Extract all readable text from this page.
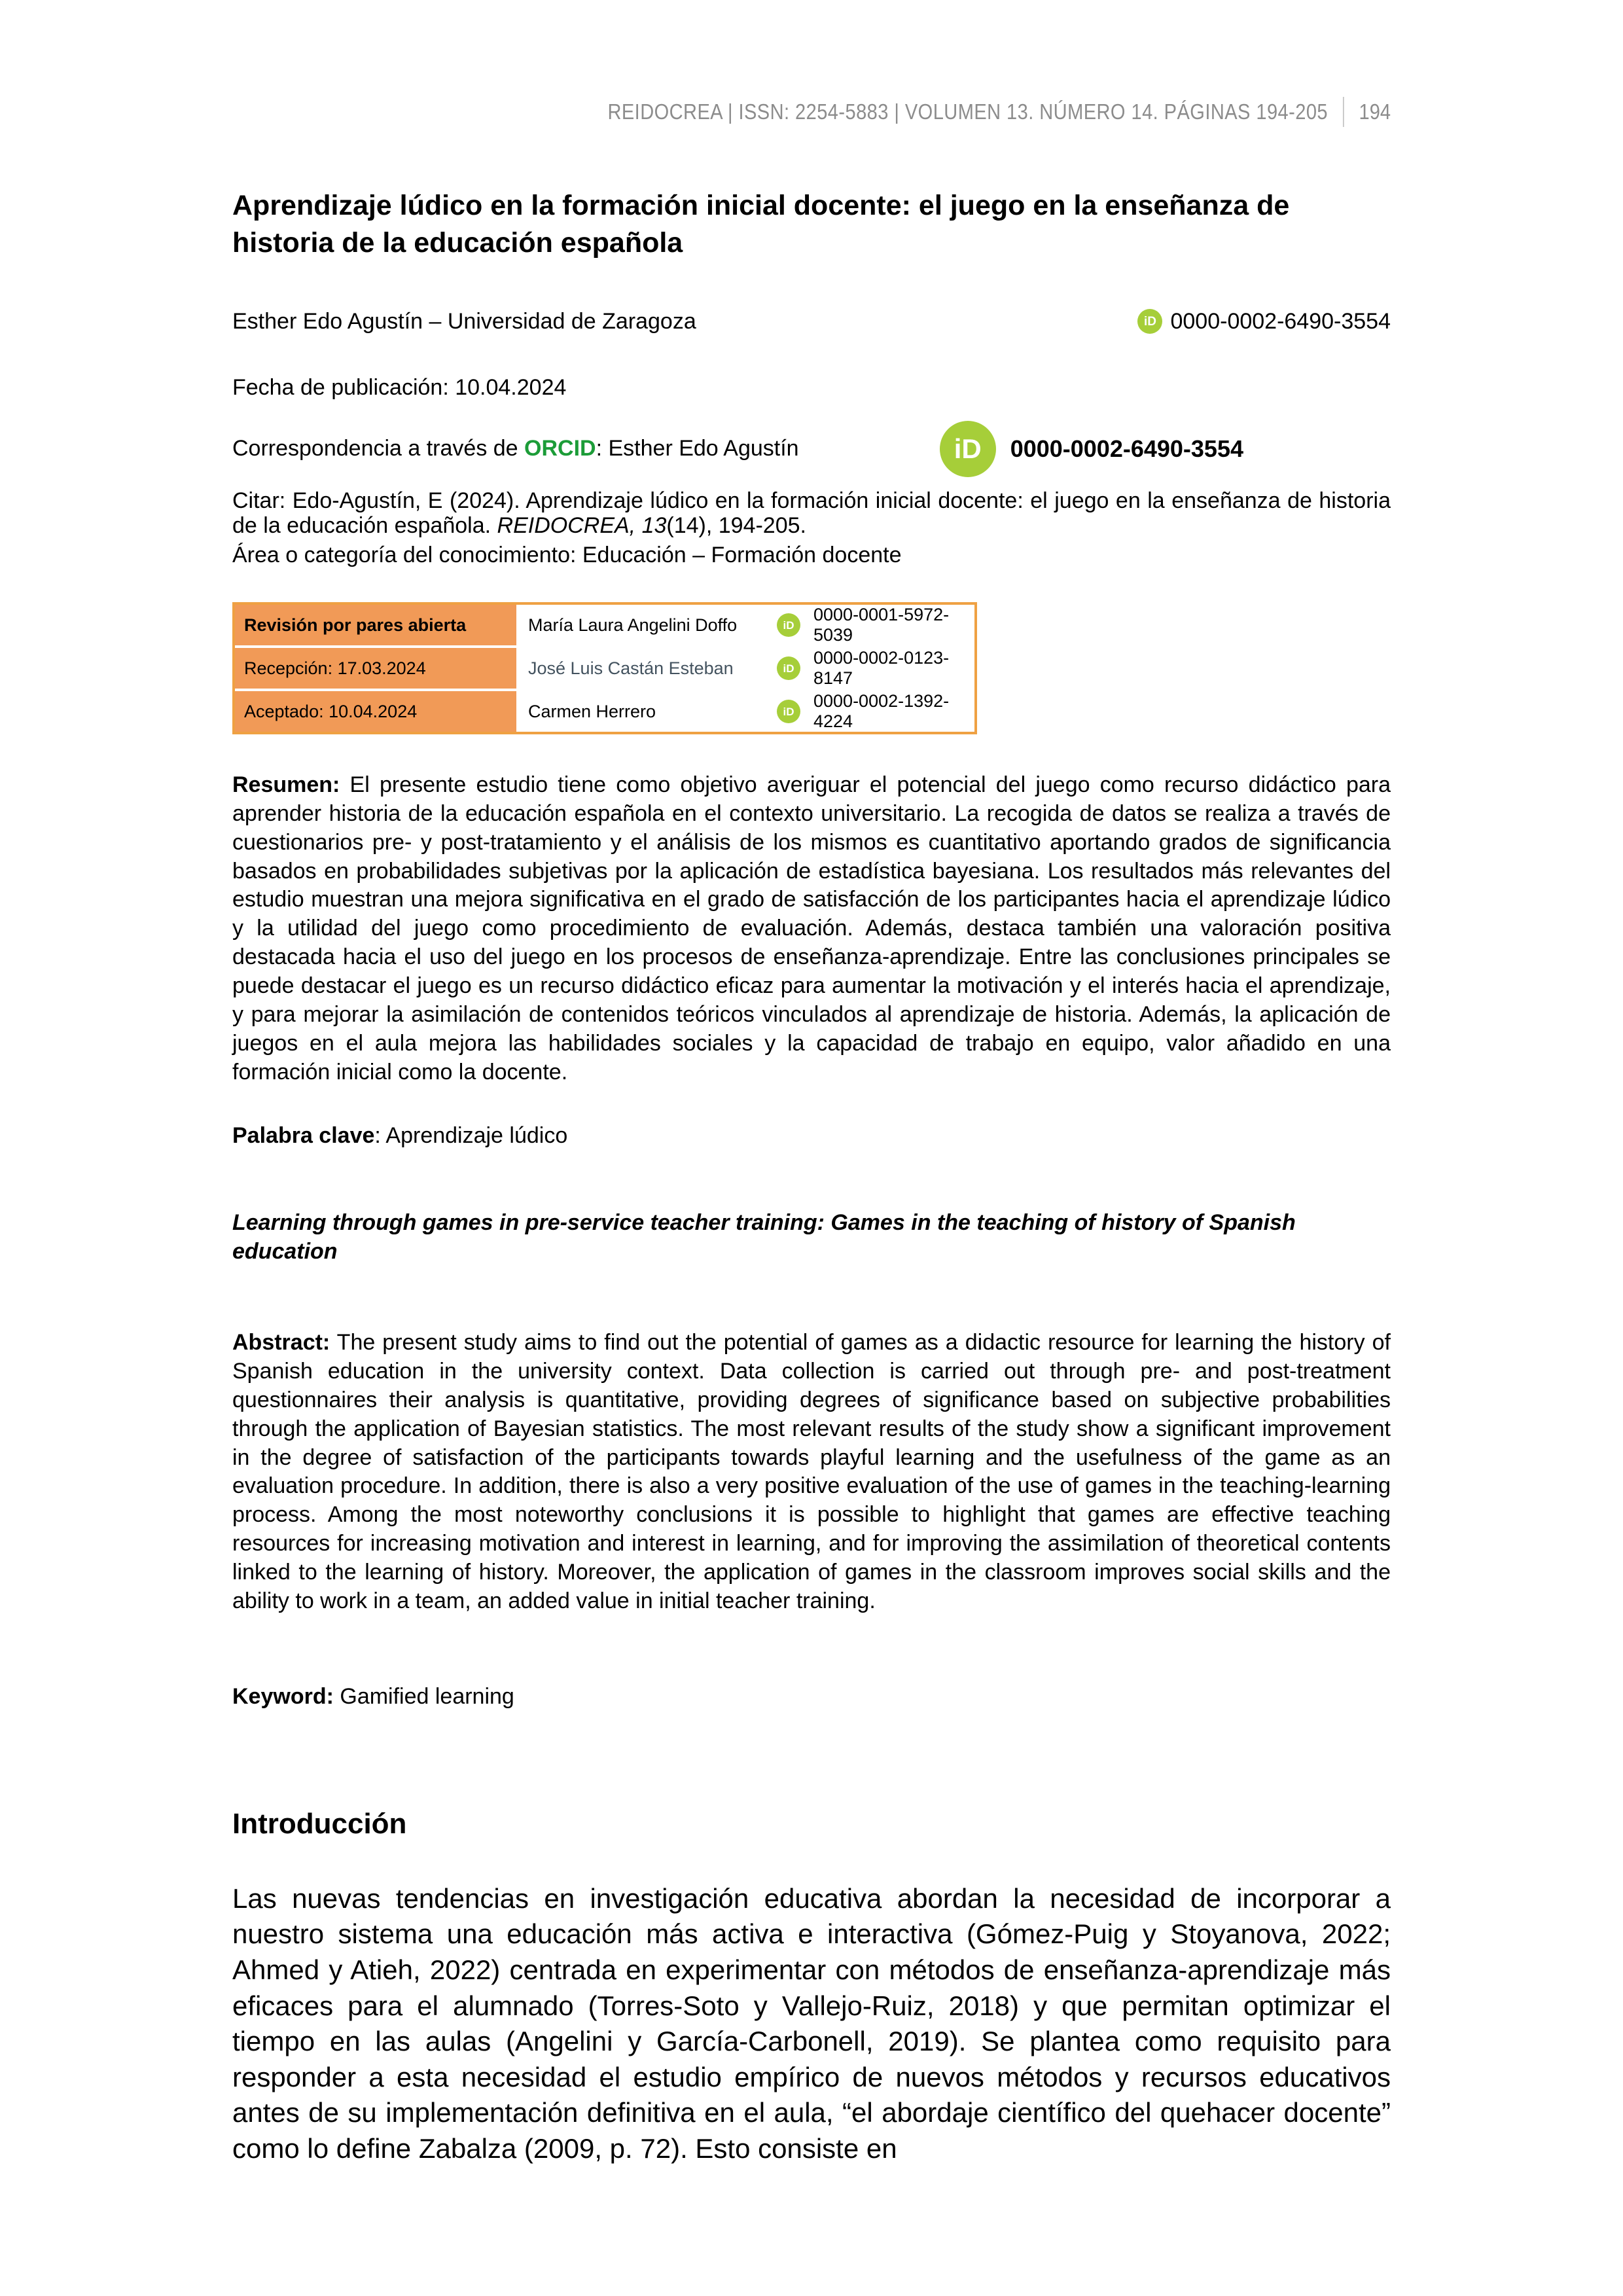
REIDOCREA | ISSN: 2254-5883 | VOLUMEN 13. NÚMERO 14. PÁGINAS 194-205 194
Aprendizaje lúdico en la formación inicial docente: el juego en la enseñanza de historia de la educación española
Esther Edo Agustín – Universidad de Zaragoza	iD 0000-0002-6490-3554
Fecha de publicación: 10.04.2024
Correspondencia a través de ORCID: Esther Edo Agustín	iD	0000-0002-6490-3554

Citar: Edo-Agustín, E (2024). Aprendizaje lúdico en la formación inicial docente: el juego en la enseñanza de historia de la educación española. REIDOCREA, 13(14), 194-205.

Área o categoría del conocimiento: Educación – Formación docente
Revisión por pares abierta	María Laura Angelini Doffo	iD
0000-0001-5972-5039
Recepción: 17.03.2024	José Luis Castán Esteban	iD
0000-0002-0123-8147
Aceptado: 10.04.2024	Carmen Herrero	iD
0000-0002-1392-4224

Resumen: El presente estudio tiene como objetivo averiguar el potencial del juego como recurso didáctico para aprender historia de la educación española en el contexto universitario. La recogida de datos se realiza a través de cuestionarios pre- y post-tratamiento y el análisis de los mismos es cuantitativo aportando grados de significancia basados en probabilidades subjetivas por la aplicación de estadística bayesiana. Los resultados más relevantes del estudio muestran una mejora significativa en el grado de satisfacción de los participantes hacia el aprendizaje lúdico y la utilidad del juego como procedimiento de evaluación. Además, destaca también una valoración positiva destacada hacia el uso del juego en los procesos de enseñanza-aprendizaje. Entre las conclusiones principales se puede destacar el juego es un recurso didáctico eficaz para aumentar la motivación y el interés hacia el aprendizaje, y para mejorar la asimilación de contenidos teóricos vinculados al aprendizaje de historia. Además, la aplicación de juegos en el aula mejora las habilidades sociales y la capacidad de trabajo en equipo, valor añadido en una formación inicial como la docente.

Palabra clave: Aprendizaje lúdico

Learning through games in pre-service teacher training: Games in the teaching of history of Spanish education

Abstract: The present study aims to find out the potential of games as a didactic resource for learning the history of Spanish education in the university context. Data collection is carried out through pre- and post-treatment questionnaires their analysis is quantitative, providing degrees of significance based on subjective probabilities through the application of Bayesian statistics. The most relevant results of the study show a significant improvement in the degree of satisfaction of the participants towards playful learning and the usefulness of the game as an evaluation procedure. In addition, there is also a very positive evaluation of the use of games in the teaching-learning process. Among the most noteworthy conclusions it is possible to highlight that games are effective teaching resources for increasing motivation and interest in learning, and for improving the assimilation of theoretical contents linked to the learning of history. Moreover, the application of games in the classroom improves social skills and the ability to work in a team, an added value in initial teacher training.

Keyword: Gamified learning

Introducción

Las nuevas tendencias en investigación educativa abordan la necesidad de incorporar a nuestro sistema una educación más activa e interactiva (Gómez-Puig y Stoyanova, 2022; Ahmed y Atieh, 2022) centrada en experimentar con métodos de enseñanza-aprendizaje más eficaces para el alumnado (Torres-Soto y Vallejo-Ruiz, 2018) y que permitan optimizar el tiempo en las aulas (Angelini y García-Carbonell, 2019). Se plantea como requisito para responder a esta necesidad el estudio empírico de nuevos métodos y recursos educativos antes de su implementación definitiva en el aula, “el abordaje científico del quehacer docente” como lo define Zabalza (2009, p. 72). Esto consiste en
